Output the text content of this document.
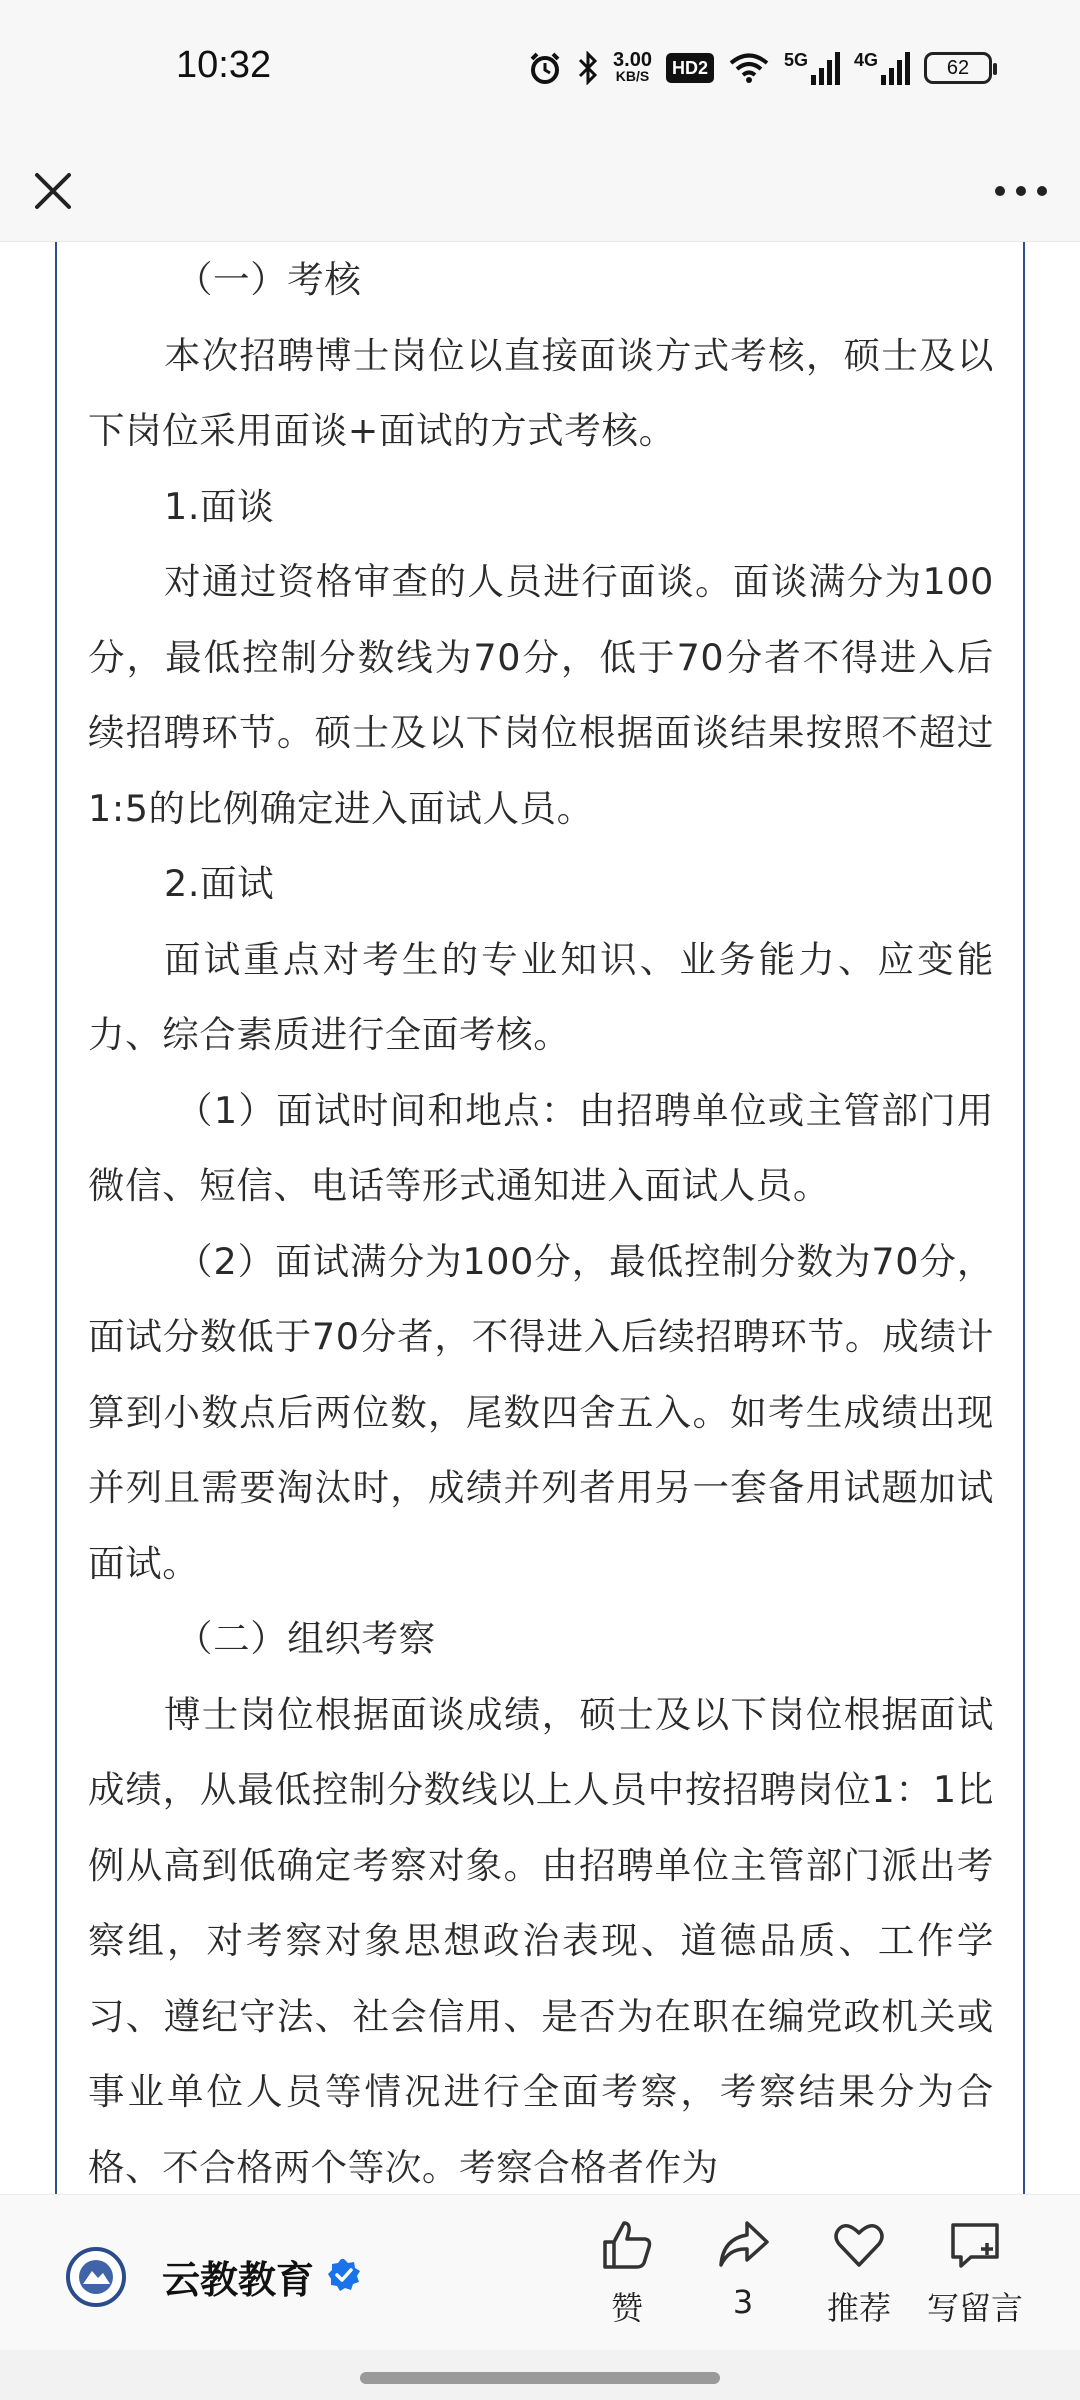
10:32	3.00
KB/S	HD2	5G	4G	62

（一）考核

本次招聘博士岗位以直接面谈方式考核，硕士及以下岗位采用面谈+面试的方式考核。

1.面谈

对通过资格审查的人员进行面谈。面谈满分为100分，最低控制分数线为70分，低于70分者不得进入后续招聘环节。硕士及以下岗位根据面谈结果按照不超过1:5的比例确定进入面试人员。

2.面试

面试重点对考生的专业知识、业务能力、应变能力、综合素质进行全面考核。

（1）面试时间和地点：由招聘单位或主管部门用微信、短信、电话等形式通知进入面试人员。

（2）面试满分为100分，最低控制分数为70分，面试分数低于70分者，不得进入后续招聘环节。成绩计算到小数点后两位数，尾数四舍五入。如考生成绩出现并列且需要淘汰时，成绩并列者用另一套备用试题加试面试。

（二）组织考察

博士岗位根据面谈成绩，硕士及以下岗位根据面试成绩，从最低控制分数线以上人员中按招聘岗位1：1比例从高到低确定考察对象。由招聘单位主管部门派出考察组，对考察对象思想政治表现、道德品质、工作学习、遵纪守法、社会信用、是否为在职在编党政机关或事业单位人员等情况进行全面考察，考察结果分为合格、不合格两个等次。考察合格者作为

云教教育
赞	3 推荐 写留言
